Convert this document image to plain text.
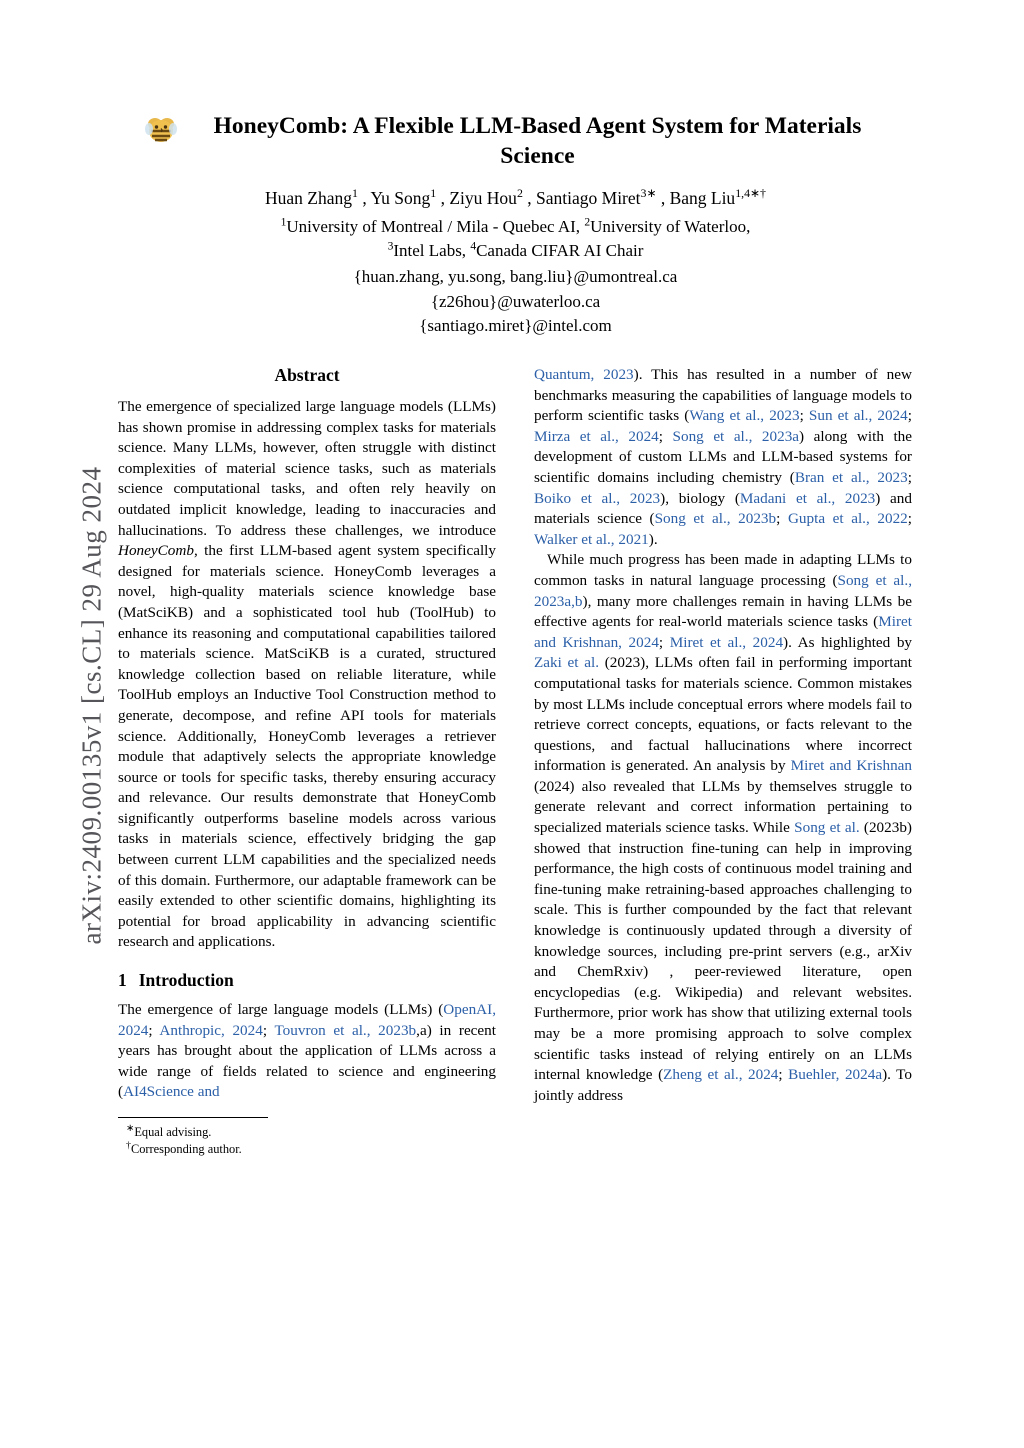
arXiv:2409.00135v1 [cs.CL] 29 Aug 2024
HoneyComb: A Flexible LLM-Based Agent System for Materials Science
Huan Zhang$^1$ , Yu Song$^1$ , Ziyu Hou$^2$ , Santiago Miret$^{3∗}$ , Bang Liu$^{1,4∗\dagger}$
$^1$University of Montreal / Mila - Quebec AI, $^2$University of Waterloo,
$^3$Intel Labs, $^4$Canada CIFAR AI Chair
{huan.zhang, yu.song, bang.liu}@umontreal.ca
{z26hou}@uwaterloo.ca
{santiago.miret}@intel.com
Abstract

The emergence of specialized large language models (LLMs) has shown promise in addressing complex tasks for materials science. Many LLMs, however, often struggle with distinct complexities of material science tasks, such as materials science computational tasks, and often rely heavily on outdated implicit knowledge, leading to inaccuracies and hallucinations. To address these challenges, we introduce HoneyComb, the first LLM-based agent system specifically designed for materials science. HoneyComb leverages a novel, high-quality materials science knowledge base (MatSciKB) and a sophisticated tool hub (ToolHub) to enhance its reasoning and computational capabilities tailored to materials science. MatSciKB is a curated, structured knowledge collection based on reliable literature, while ToolHub employs an Inductive Tool Construction method to generate, decompose, and refine API tools for materials science. Additionally, HoneyComb leverages a retriever module that adaptively selects the appropriate knowledge source or tools for specific tasks, thereby ensuring accuracy and relevance. Our results demonstrate that HoneyComb significantly outperforms baseline models across various tasks in materials science, effectively bridging the gap between current LLM capabilities and the specialized needs of this domain. Furthermore, our adaptable framework can be easily extended to other scientific domains, highlighting its potential for broad applicability in advancing scientific research and applications.

1 Introduction

The emergence of large language models (LLMs) (OpenAI, 2024; Anthropic, 2024; Touvron et al., 2023b,a) in recent years has brought about the application of LLMs across a wide range of fields related to science and engineering (AI4Science and

∗Equal advising.
†Corresponding author.

Quantum, 2023). This has resulted in a number of new benchmarks measuring the capabilities of language models to perform scientific tasks (Wang et al., 2023; Sun et al., 2024; Mirza et al., 2024; Song et al., 2023a) along with the development of custom LLMs and LLM-based systems for scientific domains including chemistry (Bran et al., 2023; Boiko et al., 2023), biology (Madani et al., 2023) and materials science (Song et al., 2023b; Gupta et al., 2022; Walker et al., 2021).

While much progress has been made in adapting LLMs to common tasks in natural language processing (Song et al., 2023a,b), many more challenges remain in having LLMs be effective agents for real-world materials science tasks (Miret and Krishnan, 2024; Miret et al., 2024). As highlighted by Zaki et al. (2023), LLMs often fail in performing important computational tasks for materials science. Common mistakes by most LLMs include conceptual errors where models fail to retrieve correct concepts, equations, or facts relevant to the questions, and factual hallucinations where incorrect information is generated. An analysis by Miret and Krishnan (2024) also revealed that LLMs by themselves struggle to generate relevant and correct information pertaining to specialized materials science tasks. While Song et al. (2023b) showed that instruction fine-tuning can help in improving performance, the high costs of continuous model training and fine-tuning make retraining-based approaches challenging to scale. This is further compounded by the fact that relevant knowledge is continuously updated through a diversity of knowledge sources, including pre-print servers (e.g., arXiv and ChemRxiv) , peer-reviewed literature, open encyclopedias (e.g. Wikipedia) and relevant websites. Furthermore, prior work has show that utilizing external tools may be a more promising approach to solve complex scientific tasks instead of relying entirely on an LLMs internal knowledge (Zheng et al., 2024; Buehler, 2024a). To jointly address
